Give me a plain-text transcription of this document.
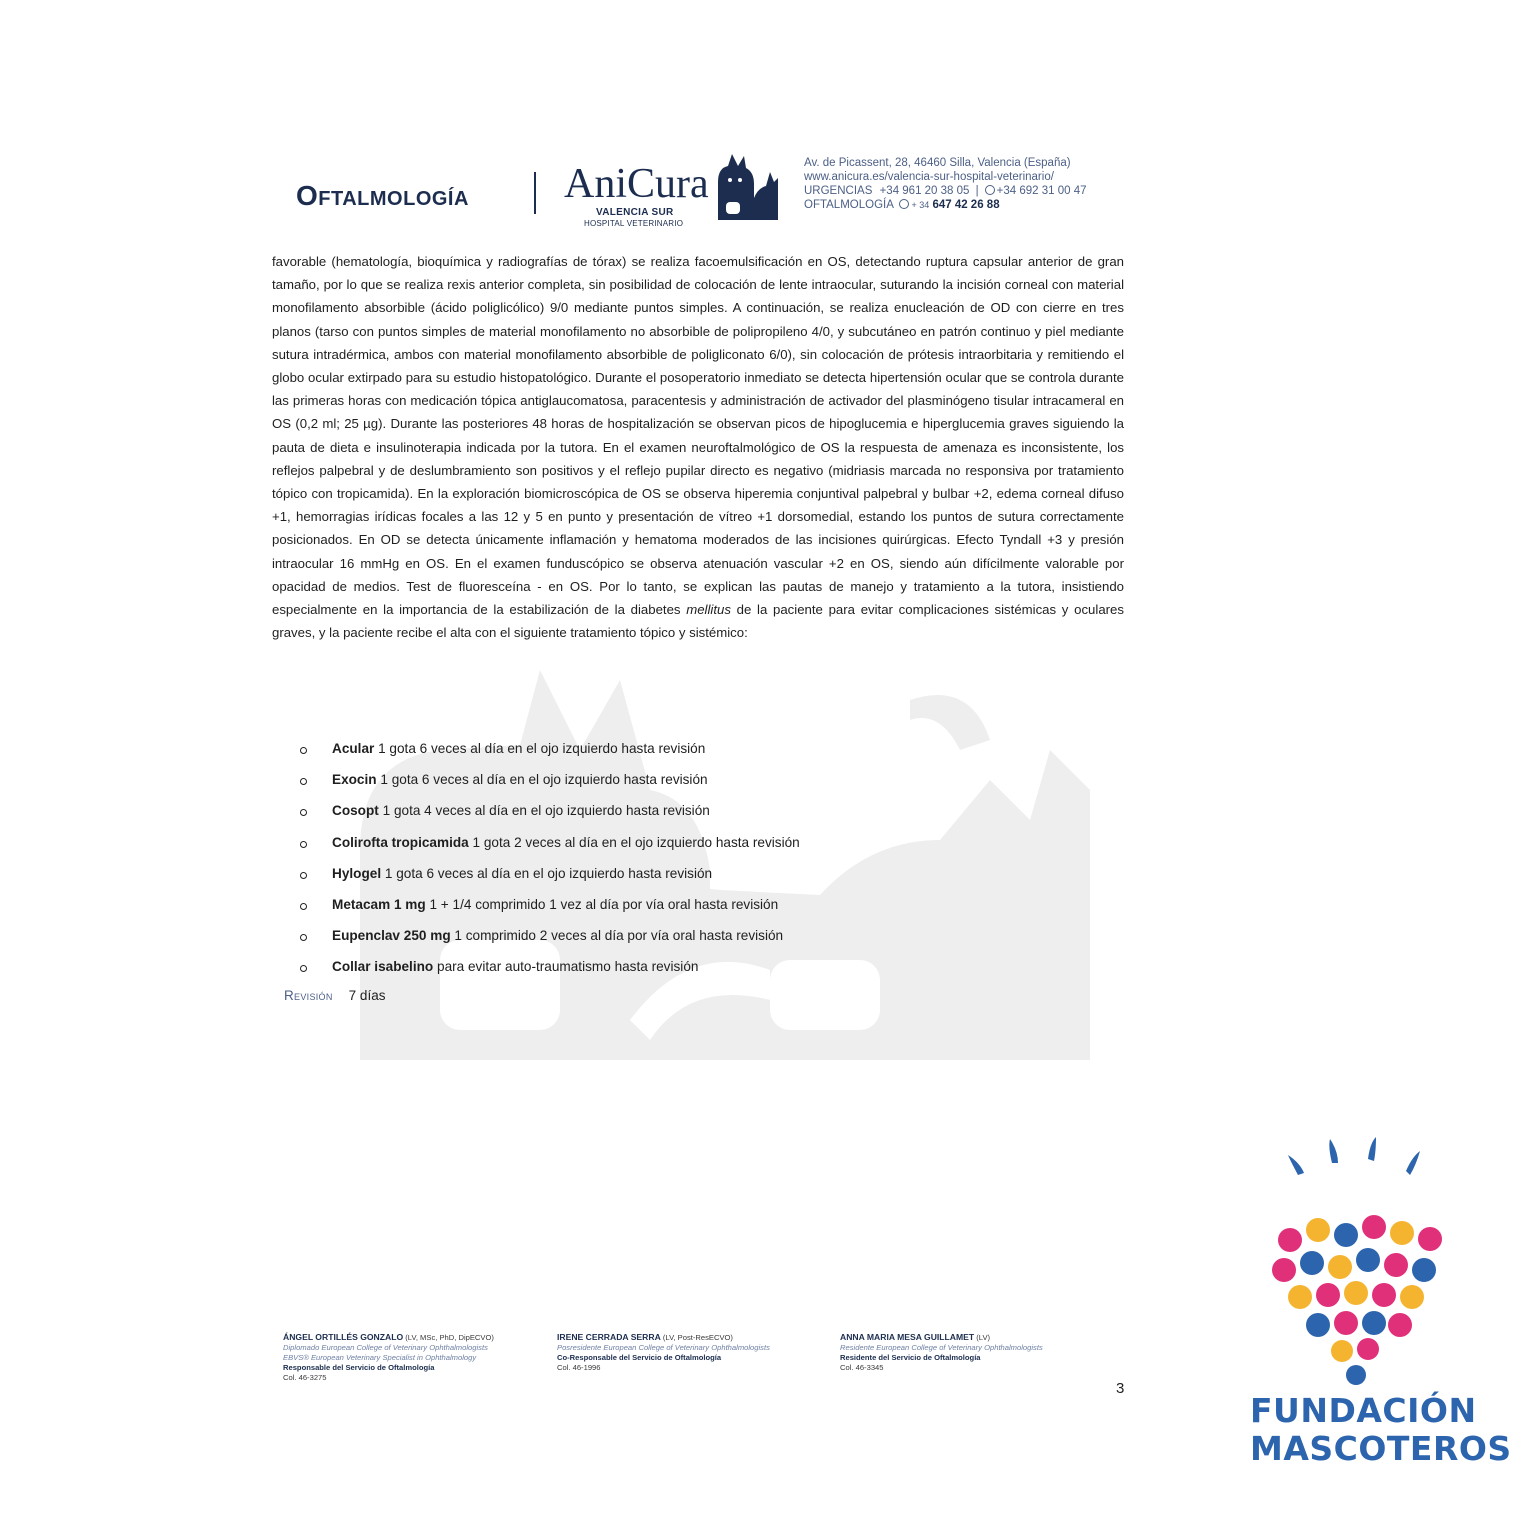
Oftalmología AniCura
VALENCIA SUR
HOSPITAL VETERINARIO
Av. de Picassent, 28, 46460 Silla, Valencia (España)
www.anicura.es/valencia-sur-hospital-veterinario/
URGENCIAS +34 961 20 38 05 | +34 692 31 00 47
OFTALMOLOGÍA + 34 647 42 26 88
favorable (hematología, bioquímica y radiografías de tórax) se realiza facoemulsificación en OS, detectando ruptura capsular anterior de gran tamaño, por lo que se realiza rexis anterior completa, sin posibilidad de colocación de lente intraocular, suturando la incisión corneal con material monofilamento absorbible (ácido poliglicólico) 9/0 mediante puntos simples. A continuación, se realiza enucleación de OD con cierre en tres planos (tarso con puntos simples de material monofilamento no absorbible de polipropileno 4/0, y subcutáneo en patrón continuo y piel mediante sutura intradérmica, ambos con material monofilamento absorbible de poligliconato 6/0), sin colocación de prótesis intraorbitaria y remitiendo el globo ocular extirpado para su estudio histopatológico. Durante el posoperatorio inmediato se detecta hipertensión ocular que se controla durante las primeras horas con medicación tópica antiglaucomatosa, paracentesis y administración de activador del plasminógeno tisular intracameral en OS (0,2 ml; 25 µg). Durante las posteriores 48 horas de hospitalización se observan picos de hipoglucemia e hiperglucemia graves siguiendo la pauta de dieta e insulinoterapia indicada por la tutora. En el examen neuroftalmológico de OS la respuesta de amenaza es inconsistente, los reflejos palpebral y de deslumbramiento son positivos y el reflejo pupilar directo es negativo (midriasis marcada no responsiva por tratamiento tópico con tropicamida). En la exploración biomicroscópica de OS se observa hiperemia conjuntival palpebral y bulbar +2, edema corneal difuso +1, hemorragias irídicas focales a las 12 y 5 en punto y presentación de vítreo +1 dorsomedial, estando los puntos de sutura correctamente posicionados. En OD se detecta únicamente inflamación y hematoma moderados de las incisiones quirúrgicas. Efecto Tyndall +3 y presión intraocular 16 mmHg en OS. En el examen funduscópico se observa atenuación vascular +2 en OS, siendo aún difícilmente valorable por opacidad de medios. Test de fluoresceína - en OS. Por lo tanto, se explican las pautas de manejo y tratamiento a la tutora, insistiendo especialmente en la importancia de la estabilización de la diabetes mellitus de la paciente para evitar complicaciones sistémicas y oculares graves, y la paciente recibe el alta con el siguiente tratamiento tópico y sistémico:
Acular 1 gota 6 veces al día en el ojo izquierdo hasta revisión
Exocin 1 gota 6 veces al día en el ojo izquierdo hasta revisión
Cosopt 1 gota 4 veces al día en el ojo izquierdo hasta revisión
Colirofta tropicamida 1 gota 2 veces al día en el ojo izquierdo hasta revisión
Hylogel 1 gota 6 veces al día en el ojo izquierdo hasta revisión
Metacam 1 mg 1 + 1/4 comprimido 1 vez al día por vía oral hasta revisión
Eupenclav 250 mg 1 comprimido 2 veces al día por vía oral hasta revisión
Collar isabelino para evitar auto-traumatismo hasta revisión
Revisión 7 días
ÁNGEL ORTILLÉS GONZALO (LV, MSc, PhD, DipECVO)
Diplomado European College of Veterinary Ophthalmologists
EBVS® European Veterinary Specialist in Ophthalmology
Responsable del Servicio de Oftalmología
Col. 46-3275
IRENE CERRADA SERRA (LV, Post-ResECVO)
Posresidente European College of Veterinary Ophthalmologists
Co-Responsable del Servicio de Oftalmología
Col. 46-1996
ANNA MARIA MESA GUILLAMET (LV)
Residente European College of Veterinary Ophthalmologists
Residente del Servicio de Oftalmología
Col. 46-3345
3
FUNDACIÓN
MASCOTEROS
